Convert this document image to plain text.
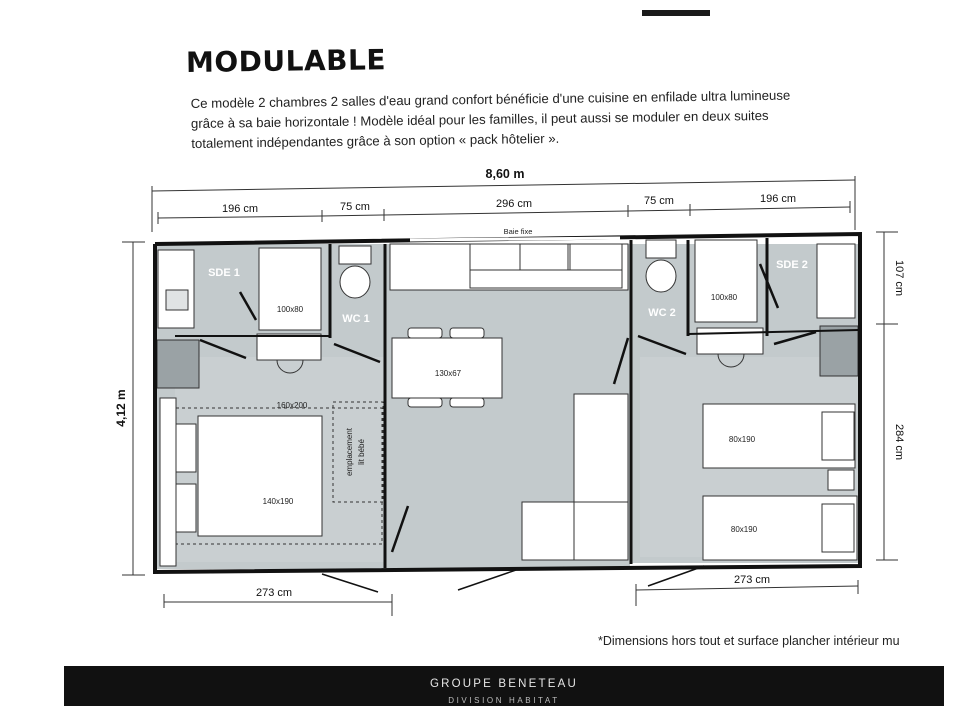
MODULABLE
Ce modèle 2 chambres 2 salles d'eau grand confort bénéficie d'une cuisine en enfilade ultra lumineuse
grâce à sa baie horizontale ! Modèle idéal pour les familles, il peut aussi se moduler en deux suites
totalement indépendantes grâce à son option « pack hôtelier ».
Baie fixe
8,60 m
196 cm	75 cm	296 cm	75 cm	196 cm
4,12 m
273 cm
273 cm
107 cm
284 cm
SDE 1
SDE 2
WC 1	WC 2
100x80
100x80
130x67
160x200
140x190
80x190
80x190
emplacement lit bébé
*Dimensions hors tout et surface plancher intérieur mu
GROUPE BENETEAU
DIVISION HABITAT
